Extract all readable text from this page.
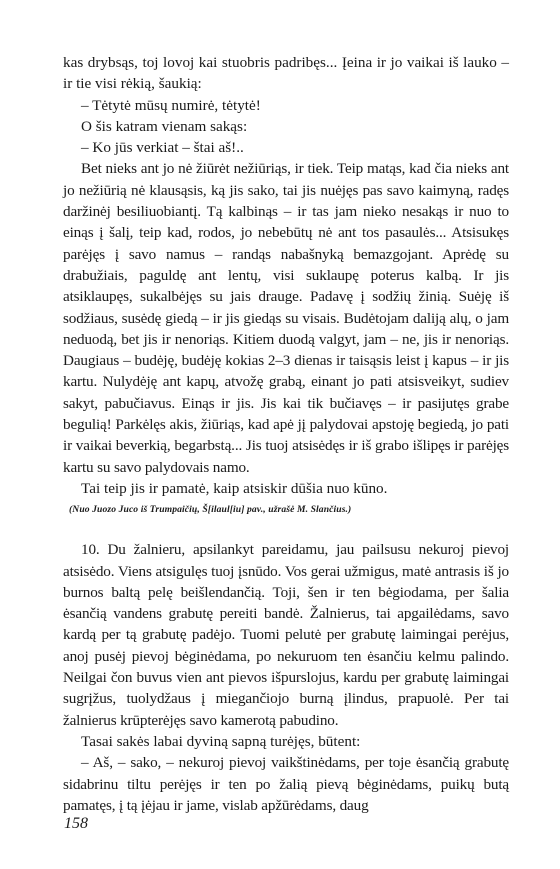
kas drybsąs, toj lovoj kai stuobris padribęs... Įeina ir jo vaikai iš lauko – ir tie visi rėkią, šaukią:

– Tėtytė mūsų numirė, tėtytė!

O šis katram vienam sakąs:

– Ko jūs verkiat – štai aš!..

Bet nieks ant jo nė žiūrėt nežiūriąs, ir tiek. Teip matąs, kad čia nieks ant jo nežiūrią nė klausąsis, ką jis sako, tai jis nuėjęs pas savo kaimyną, radęs daržinėj besiliuobiantį. Tą kalbinąs – ir tas jam nieko nesakąs ir nuo to einąs į šalį, teip kad, rodos, jo nebebūtų nė ant tos pasaulės... Atsisukęs parėjęs į savo namus – randąs nabašnyką bemazgojant. Aprėdę su drabužiais, paguldę ant lentų, visi suklaupę poterus kalbą. Ir jis atsiklaupęs, sukalbėjęs su jais drauge. Padavę į sodžių žinią. Suėję iš sodžiaus, susėdę giedą – ir jis giedąs su visais. Budėtojam daliją alų, o jam neduodą, bet jis ir nenoriąs. Kitiem duodą valgyt, jam – ne, jis ir nenoriąs. Daugiaus – budėję, budėję kokias 2–3 dienas ir taisąsis leist į kapus – ir jis kartu. Nulydėję ant kapų, atvožę grabą, einant jo pati atsisveikyt, sudiev sakyt, pabučiavus. Einąs ir jis. Jis kai tik bučiavęs – ir pasijutęs grabe begulią! Parkėlęs akis, žiūriąs, kad apė jį palydovai apstoję begiedą, jo pati ir vaikai beverkią, begarbstą... Jis tuoj atsisėdęs ir iš grabo išlipęs ir parėjęs kartu su savo palydovais namo.

Tai teip jis ir pamatė, kaip atsiskir dūšia nuo kūno.

(Nuo Juozo Juco iš Trumpaičių, Š[ilaul[iu] pav., užrašė M. Slančius.)

10. Du žalnieru, apsilankyt pareidamu, jau pailsusu nekuroj pievoj atsisėdo. Viens atsigulęs tuoj įsnūdo. Vos gerai užmigus, matė antrasis iš jo burnos baltą pelę beišlendančią. Toji, šen ir ten bėgiodama, per šalia ėsančią vandens grabutę pereiti bandė. Žalnierus, tai apgailėdams, savo kardą per tą grabutę padėjo. Tuomi pelutė per grabutę laimingai perėjus, anoj pusėj pievoj bėginėdama, po nekuruom ten ėsančiu kelmu palindo. Neilgai čon buvus vien ant pievos išpurslojus, kardu per grabutę laimingai sugrįžus, tuolydžaus į miegančiojo burną įlindus, prapuolė. Per tai žalnierus krūpterėjęs savo kamerotą pabudino.

Tasai sakės labai dyviną sapną turėjęs, būtent:

– Aš, – sako, – nekuroj pievoj vaikštinėdams, per toje ėsančią grabutę sidabrinu tiltu perėjęs ir ten po žalią pievą bėginėdams, puikų butą pamatęs, į tą įėjau ir jame, vislab apžūrėdams, daug

158
